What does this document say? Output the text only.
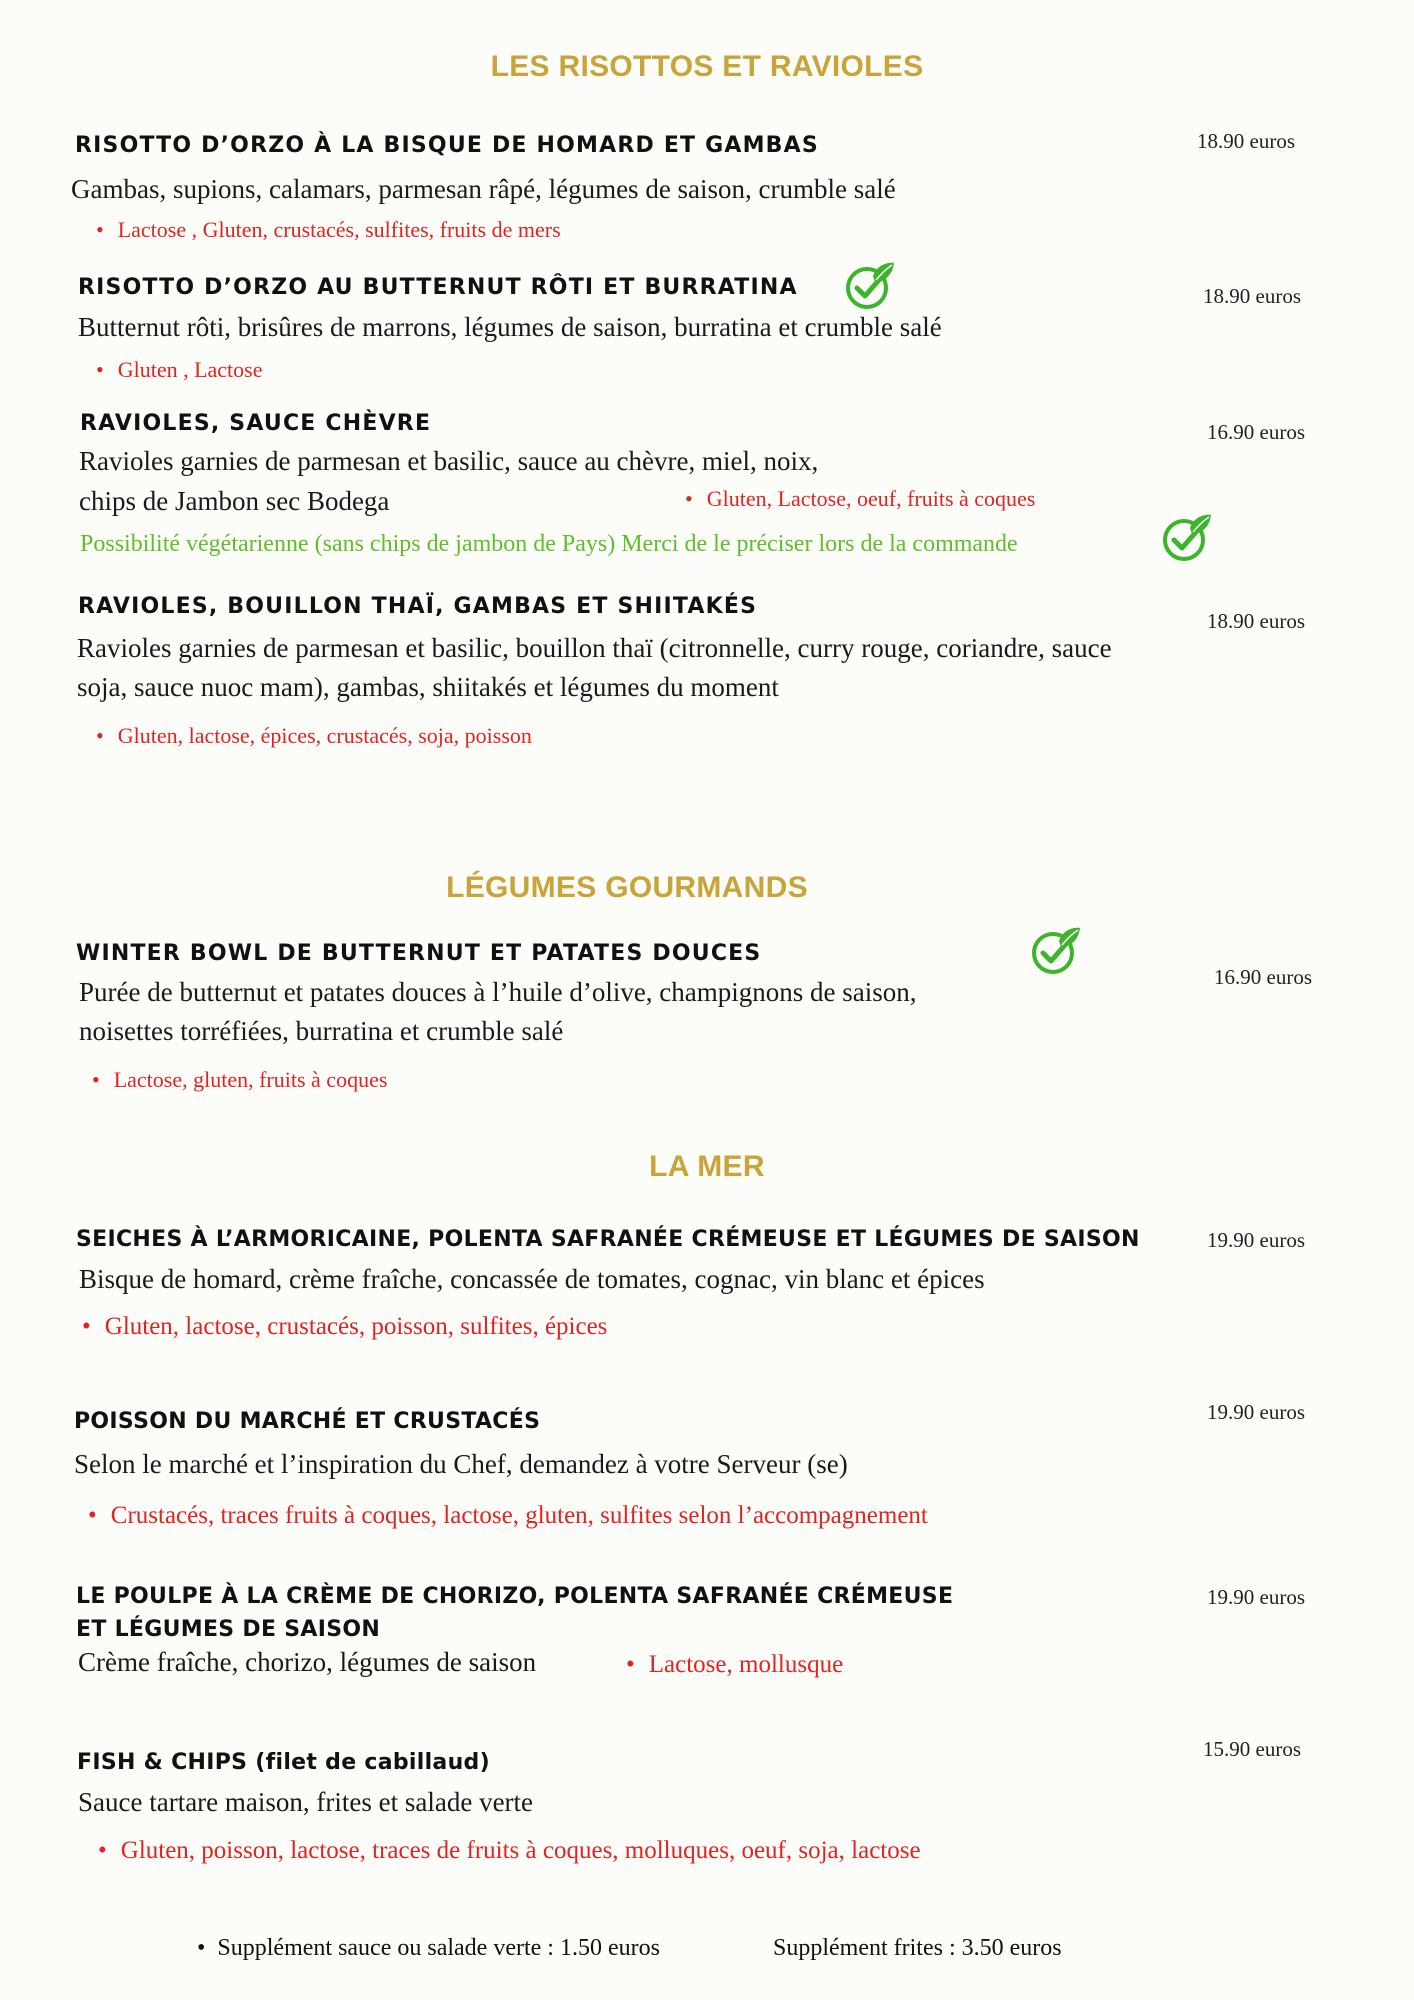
LES RISOTTOS ET RAVIOLES
RISOTTO D’ORZO À LA BISQUE DE HOMARD ET GAMBAS	18.90 euros
Gambas, supions, calamars, parmesan râpé, légumes de saison, crumble salé
• Lactose , Gluten, crustacés, sulfites, fruits de mers
RISOTTO D’ORZO AU BUTTERNUT RÔTI ET BURRATINA	18.90 euros
Butternut rôti, brisûres de marrons, légumes de saison, burratina et crumble salé
• Gluten , Lactose
RAVIOLES, SAUCE CHÈVRE	16.90 euros
Ravioles garnies de parmesan et basilic, sauce au chèvre, miel, noix,
chips de Jambon sec Bodega	• Gluten, Lactose, oeuf, fruits à coques
Possibilité végétarienne (sans chips de jambon de Pays) Merci de le préciser lors de la commande
RAVIOLES, BOUILLON THAÏ, GAMBAS ET SHIITAKÉS
18.90 euros
Ravioles garnies de parmesan et basilic, bouillon thaï (citronnelle, curry rouge, coriandre, sauce
soja, sauce nuoc mam), gambas, shiitakés et légumes du moment
• Gluten, lactose, épices, crustacés, soja, poisson
LÉGUMES GOURMANDS
WINTER BOWL DE BUTTERNUT ET PATATES DOUCES
16.90 euros
Purée de butternut et patates douces à l’huile d’olive, champignons de saison,
noisettes torréfiées, burratina et crumble salé
• Lactose, gluten, fruits à coques
LA MER
SEICHES À L’ARMORICAINE, POLENTA SAFRANÉE CRÉMEUSE ET LÉGUMES DE SAISON	19.90 euros
Bisque de homard, crème fraîche, concassée de tomates, cognac, vin blanc et épices
• Gluten, lactose, crustacés, poisson, sulfites, épices
POISSON DU MARCHÉ ET CRUSTACÉS	19.90 euros
Selon le marché et l’inspiration du Chef, demandez à votre Serveur (se)
• Crustacés, traces fruits à coques, lactose, gluten, sulfites selon l’accompagnement
LE POULPE À LA CRÈME DE CHORIZO, POLENTA SAFRANÉE CRÉMEUSE
ET LÉGUMES DE SAISON
19.90 euros
Crème fraîche, chorizo, légumes de saison	• Lactose, mollusque
FISH & CHIPS (filet de cabillaud)
15.90 euros
Sauce tartare maison, frites et salade verte
• Gluten, poisson, lactose, traces de fruits à coques, molluques, oeuf, soja, lactose
• Supplément sauce ou salade verte : 1.50 euros	Supplément frites : 3.50 euros
